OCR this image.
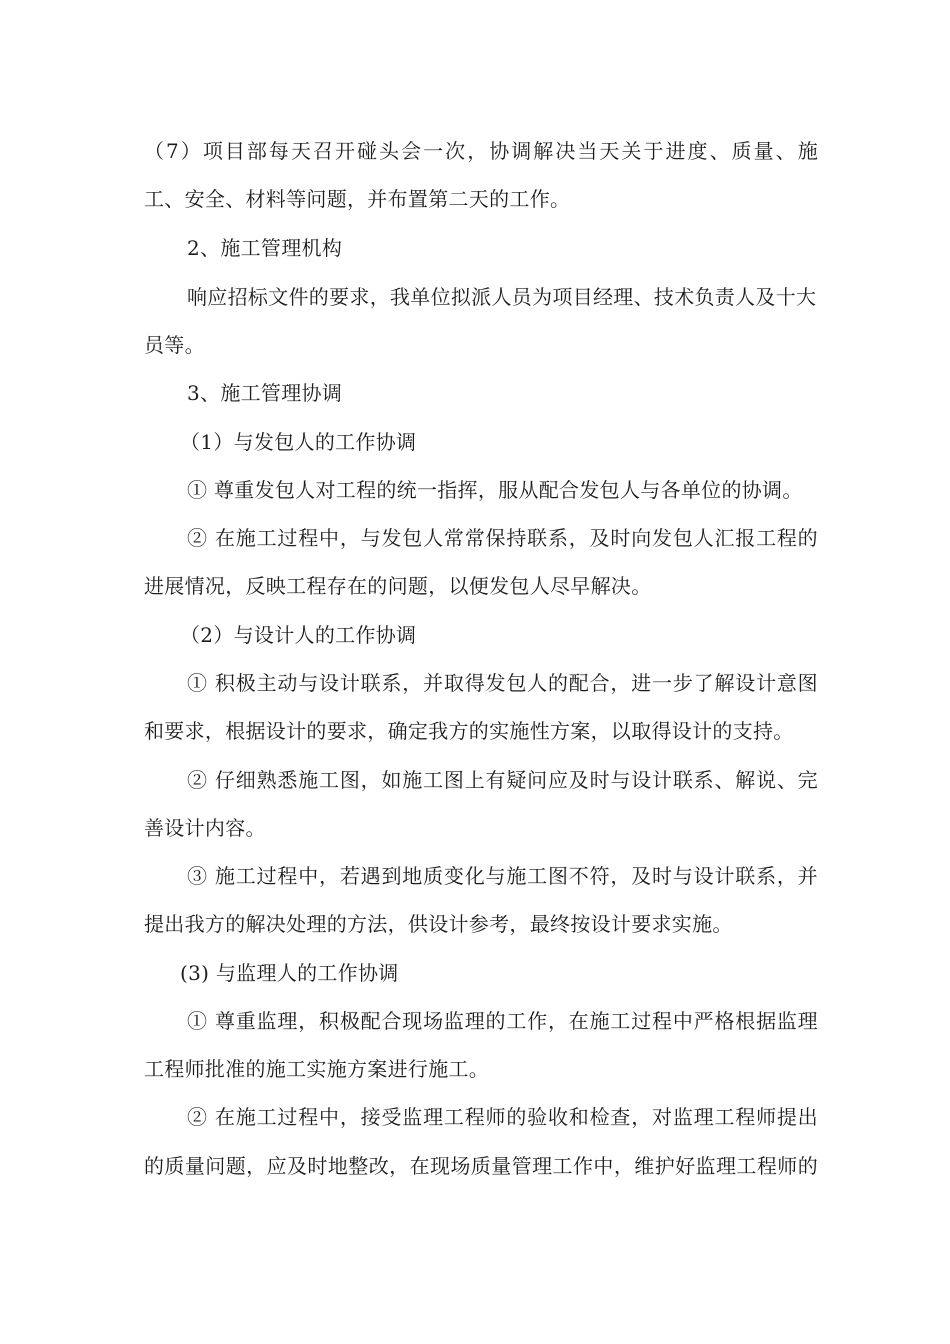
（7）项目部每天召开碰头会一次，协调解决当天关于进度、质量、施

工、安全、材料等问题，并布置第二天的工作。

2、施工管理机构

响应招标文件的要求，我单位拟派人员为项目经理、技术负责人及十大

员等。

3、施工管理协调

（1）与发包人的工作协调

① 尊重发包人对工程的统一指挥，服从配合发包人与各单位的协调。

② 在施工过程中，与发包人常常保持联系，及时向发包人汇报工程的

进展情况，反映工程存在的问题，以便发包人尽早解决。

（2）与设计人的工作协调

① 积极主动与设计联系，并取得发包人的配合，进一步了解设计意图

和要求，根据设计的要求，确定我方的实施性方案，以取得设计的支持。

② 仔细熟悉施工图，如施工图上有疑问应及时与设计联系、解说、完

善设计内容。

③ 施工过程中，若遇到地质变化与施工图不符，及时与设计联系，并

提出我方的解决处理的方法，供设计参考，最终按设计要求实施。

(3) 与监理人的工作协调

① 尊重监理，积极配合现场监理的工作，在施工过程中严格根据监理

工程师批准的施工实施方案进行施工。

② 在施工过程中，接受监理工程师的验收和检查，对监理工程师提出

的质量问题，应及时地整改，在现场质量管理工作中，维护好监理工程师的
